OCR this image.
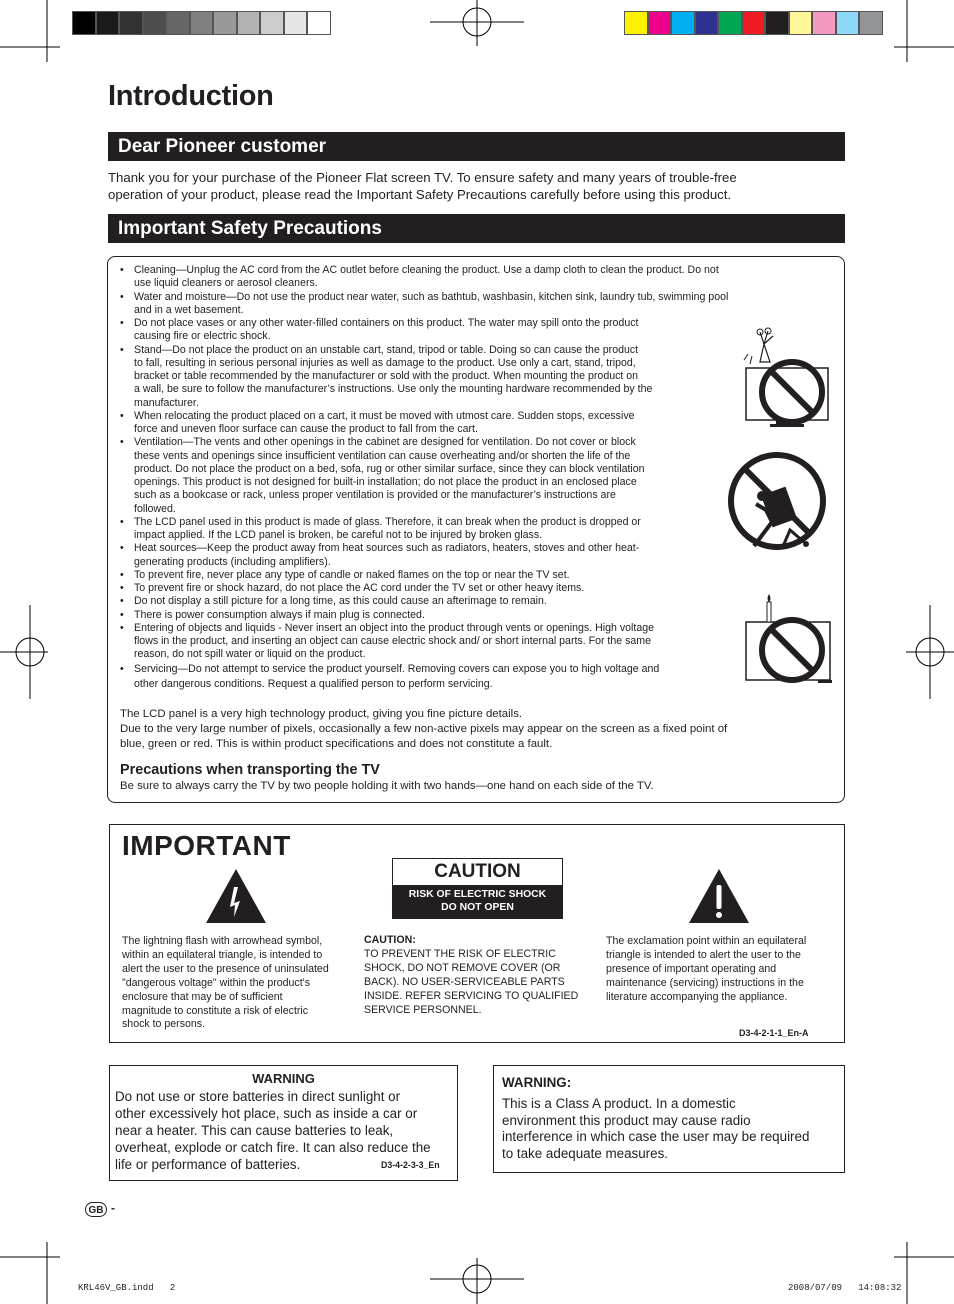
Introduction
Dear Pioneer customer
Thank you for your purchase of the Pioneer Flat screen TV. To ensure safety and many years of trouble-free
operation of your product, please read the Important Safety Precautions carefully before using this product.
Important Safety Precautions
• Cleaning—Unplug the AC cord from the AC outlet before cleaning the product. Use a damp cloth to clean the product. Do not
use liquid cleaners or aerosol cleaners.
• Water and moisture—Do not use the product near water, such as bathtub, washbasin, kitchen sink, laundry tub, swimming pool
and in a wet basement.
• Do not place vases or any other water-filled containers on this product. The water may spill onto the product
causing fire or electric shock.
• Stand—Do not place the product on an unstable cart, stand, tripod or table. Doing so can cause the product
to fall, resulting in serious personal injuries as well as damage to the product. Use only a cart, stand, tripod,
bracket or table recommended by the manufacturer or sold with the product. When mounting the product on
a wall, be sure to follow the manufacturer’s instructions. Use only the mounting hardware recommended by the
manufacturer.
• When relocating the product placed on a cart, it must be moved with utmost care. Sudden stops, excessive
force and uneven floor surface can cause the product to fall from the cart.
• Ventilation—The vents and other openings in the cabinet are designed for ventilation. Do not cover or block
these vents and openings since insufficient ventilation can cause overheating and/or shorten the life of the
product. Do not place the product on a bed, sofa, rug or other similar surface, since they can block ventilation
openings. This product is not designed for built-in installation; do not place the product in an enclosed place
such as a bookcase or rack, unless proper ventilation is provided or the manufacturer’s instructions are
followed.
• The LCD panel used in this product is made of glass. Therefore, it can break when the product is dropped or
impact applied. If the LCD panel is broken, be careful not to be injured by broken glass.
• Heat sources—Keep the product away from heat sources such as radiators, heaters, stoves and other heat-
generating products (including amplifiers).
• To prevent fire, never place any type of candle or naked flames on the top or near the TV set.
• To prevent fire or shock hazard, do not place the AC cord under the TV set or other heavy items.
• Do not display a still picture for a long time, as this could cause an afterimage to remain.
• There is power consumption always if main plug is connected.
• Entering of objects and liquids - Never insert an object into the product through vents or openings. High voltage
flows in the product, and inserting an object can cause electric shock and/ or short internal parts. For the same
reason, do not spill water or liquid on the product.
• Servicing—Do not attempt to service the product yourself. Removing covers can expose you to high voltage and
other dangerous conditions. Request a qualified person to perform servicing.
The LCD panel is a very high technology product, giving you fine picture details.
Due to the very large number of pixels, occasionally a few non-active pixels may appear on the screen as a fixed point of
blue, green or red. This is within product specifications and does not constitute a fault.
Precautions when transporting the TV
Be sure to always carry the TV by two people holding it with two hands—one hand on each side of the TV.
IMPORTANT
CAUTION
RISK OF ELECTRIC SHOCK
DO NOT OPEN
The lightning flash with arrowhead symbol,
within an equilateral triangle, is intended to
alert the user to the presence of uninsulated
"dangerous voltage" within the product's
enclosure that may be of sufficient
magnitude to constitute a risk of electric
shock to persons.
CAUTION:
TO PREVENT THE RISK OF ELECTRIC
SHOCK, DO NOT REMOVE COVER (OR
BACK). NO USER-SERVICEABLE PARTS
INSIDE. REFER SERVICING TO QUALIFIED
SERVICE PERSONNEL.
The exclamation point within an equilateral
triangle is intended to alert the user to the
presence of important operating and
maintenance (servicing) instructions in the
literature accompanying the appliance.
D3-4-2-1-1_En-A
WARNING
Do not use or store batteries in direct sunlight or
other excessively hot place, such as inside a car or
near a heater. This can cause batteries to leak,
overheat, explode or catch fire. It can also reduce the
life or performance of batteries.	D3-4-2-3-3_En
WARNING:
This is a Class A product. In a domestic
environment this product may cause radio
interference in which case the user may be required
to take adequate measures.
GB -
KRL46V_GB.indd   2	2008/07/09   14:08:32
